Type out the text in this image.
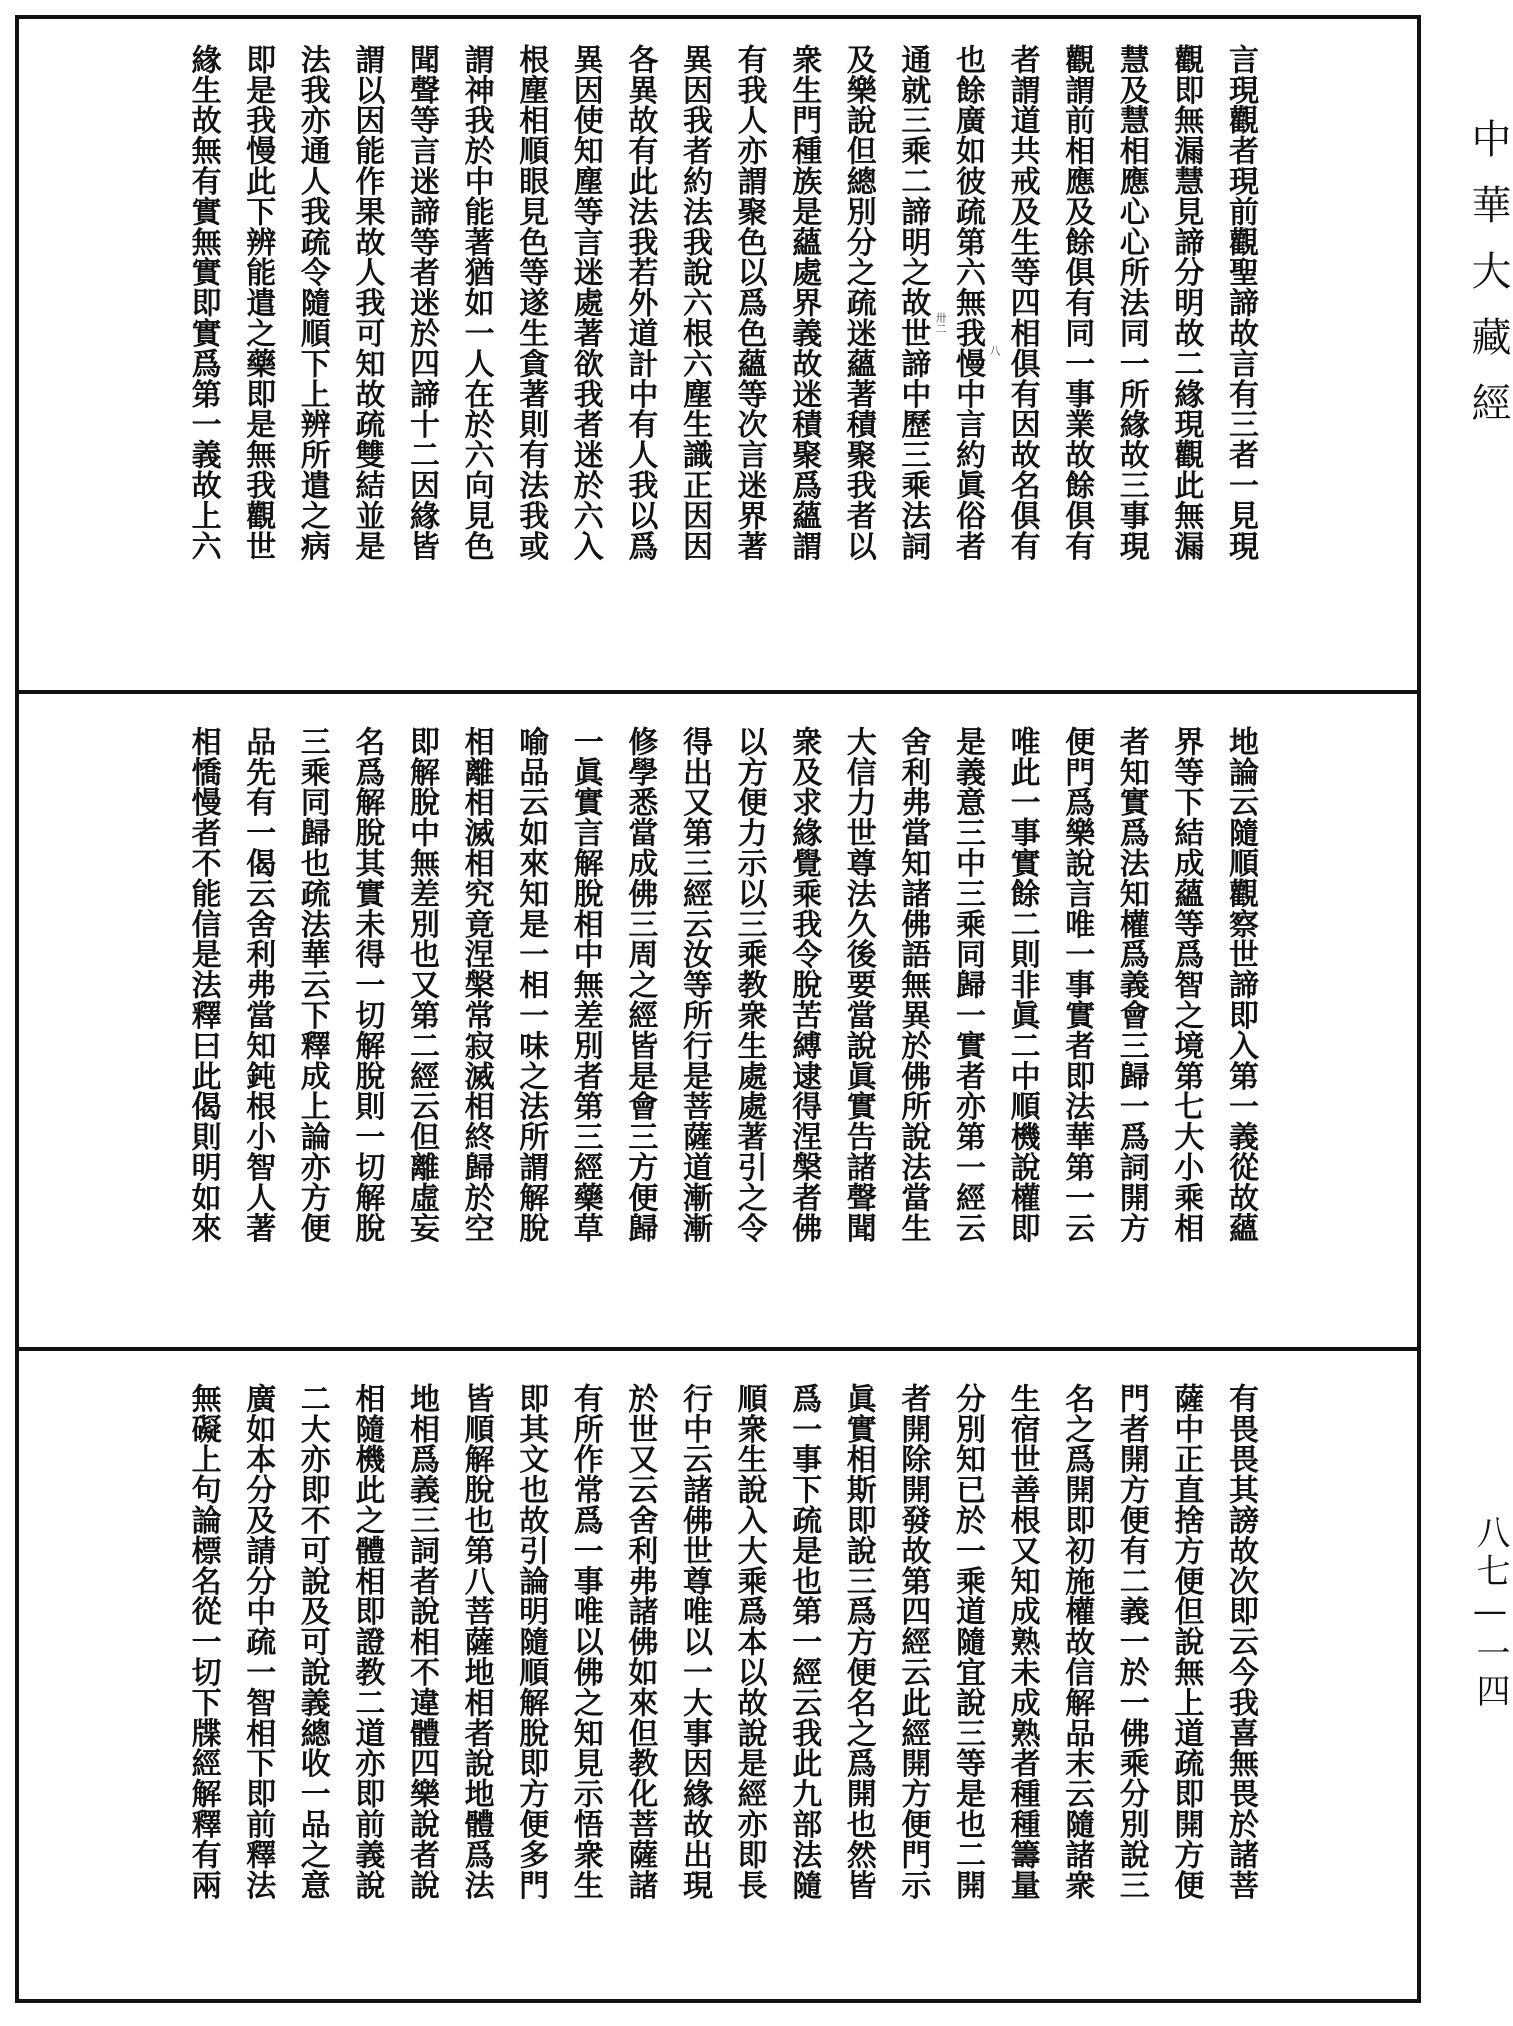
言現觀者現前觀聖諦故言有三者一見現
觀即無漏慧見諦分明故二緣現觀此無漏
慧及慧相應心心所法同一所緣故三事現
觀謂前相應及餘俱有同一事業故餘俱有
者謂道共戒及生等四相俱有因故名俱有
也餘廣如彼疏第六無我慢中言約眞俗者
通就三乘二諦明之故世諦中歷三乘法詞
及樂說但總別分之疏迷蘊著積聚我者以
衆生門種族是蘊處界義故迷積聚爲蘊謂
有我人亦謂聚色以爲色蘊等次言迷界著
異因我者約法我說六根六塵生識正因因
各異故有此法我若外道計中有人我以爲
異因使知塵等言迷處著欲我者迷於六入
根塵相順眼見色等遂生貪著則有法我或
謂神我於中能著猶如一人在於六向見色
聞聲等言迷諦等者迷於四諦十二因緣皆
謂以因能作果故人我可知故疏雙結並是
法我亦通人我疏令隨順下上辨所遣之病
即是我慢此下辨能遣之藥即是無我觀世
緣生故無有實無實即實爲第一義故上六
地論云隨順觀察世諦即入第一義從故蘊
界等下結成蘊等爲智之境第七大小乘相
者知實爲法知權爲義會三歸一爲詞開方
便門爲樂說言唯一事實者即法華第一云
唯此一事實餘二則非眞二中順機說權即
是義意三中三乘同歸一實者亦第一經云
舍利弗當知諸佛語無異於佛所說法當生
大信力世尊法久後要當說眞實告諸聲聞
衆及求緣覺乘我令脫苦縛逮得涅槃者佛
以方便力示以三乘教衆生處處著引之令
得出又第三經云汝等所行是菩薩道漸漸
修學悉當成佛三周之經皆是會三方便歸
一眞實言解脫相中無差別者第三經藥草
喻品云如來知是一相一味之法所謂解脫
相離相滅相究竟涅槃常寂滅相終歸於空
即解脫中無差別也又第二經云但離虛妄
名爲解脫其實未得一切解脫則一切解脫
三乘同歸也疏法華云下釋成上論亦方便
品先有一偈云舍利弗當知鈍根小智人著
相憍慢者不能信是法釋曰此偈則明如來
有畏畏其謗故次即云今我喜無畏於諸菩
薩中正直捨方便但說無上道疏即開方便
門者開方便有二義一於一佛乘分別說三
名之爲開即初施權故信解品末云隨諸衆
生宿世善根又知成熟未成熟者種種籌量
分別知已於一乘道隨宜說三等是也二開
者開除開發故第四經云此經開方便門示
眞實相斯即說三爲方便名之爲開也然皆
爲一事下疏是也第一經云我此九部法隨
順衆生說入大乘爲本以故說是經亦即長
行中云諸佛世尊唯以一大事因緣故出現
於世又云舍利弗諸佛如來但教化菩薩諸
有所作常爲一事唯以佛之知見示悟衆生
即其文也故引論明隨順解脫即方便多門
皆順解脫也第八菩薩地相者說地體爲法
地相爲義三詞者說相不違體四樂說者說
相隨機此之體相即證教二道亦即前義說
二大亦即不可說及可說義總收一品之意
廣如本分及請分中疏一智相下即前釋法
無礙上句論標名從一切下牒經解釋有兩
中華大藏經
八七—一四
卅二
八
